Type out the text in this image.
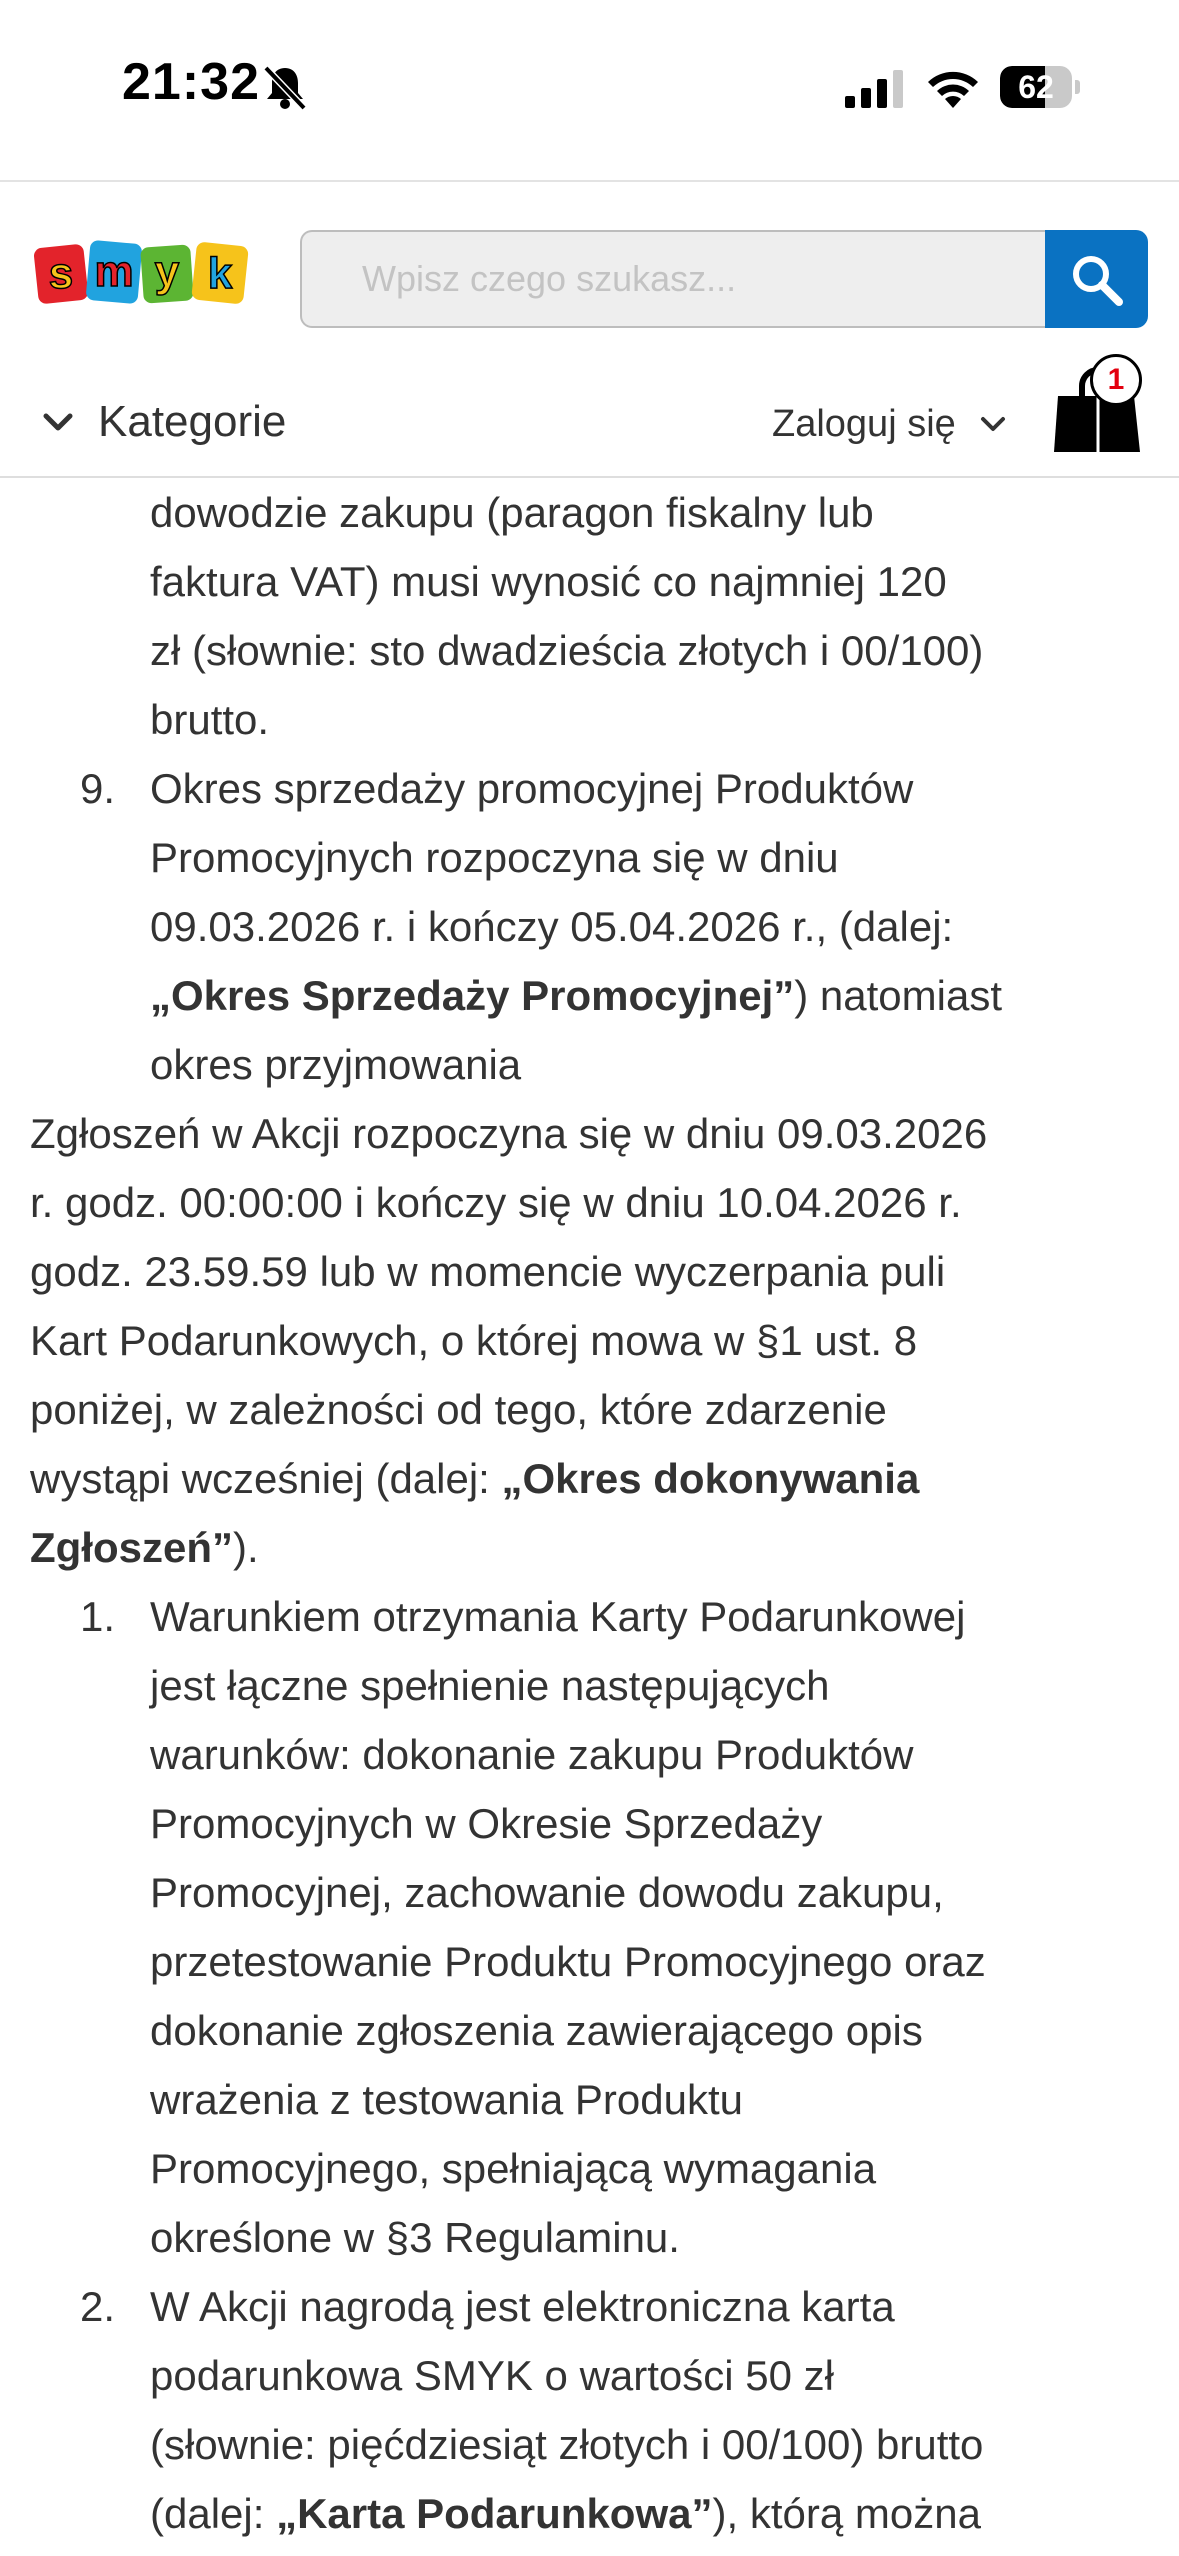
21:32	62
s m y k
Wpisz czego szukasz...
Kategorie	Zaloguj się
1
dowodzie zakupu (paragon fiskalny lub
faktura VAT) musi wynosić co najmniej 120
zł (słownie: sto dwadzieścia złotych i 00/100)
brutto.
9. Okres sprzedaży promocyjnej Produktów
Promocyjnych rozpoczyna się w dniu
09.03.2026 r. i kończy 05.04.2026 r., (dalej:
„Okres Sprzedaży Promocyjnej”) natomiast
okres przyjmowania
Zgłoszeń w Akcji rozpoczyna się w dniu 09.03.2026
r. godz. 00:00:00 i kończy się w dniu 10.04.2026 r.
godz. 23.59.59 lub w momencie wyczerpania puli
Kart Podarunkowych, o której mowa w §1 ust. 8
poniżej, w zależności od tego, które zdarzenie
wystąpi wcześniej (dalej: „Okres dokonywania
Zgłoszeń”).
1. Warunkiem otrzymania Karty Podarunkowej
jest łączne spełnienie następujących
warunków: dokonanie zakupu Produktów
Promocyjnych w Okresie Sprzedaży
Promocyjnej, zachowanie dowodu zakupu,
przetestowanie Produktu Promocyjnego oraz
dokonanie zgłoszenia zawierającego opis
wrażenia z testowania Produktu
Promocyjnego, spełniającą wymagania
określone w §3 Regulaminu.
2. W Akcji nagrodą jest elektroniczna karta
podarunkowa SMYK o wartości 50 zł
(słownie: pięćdziesiąt złotych i 00/100) brutto
(dalej: „Karta Podarunkowa”), którą można
